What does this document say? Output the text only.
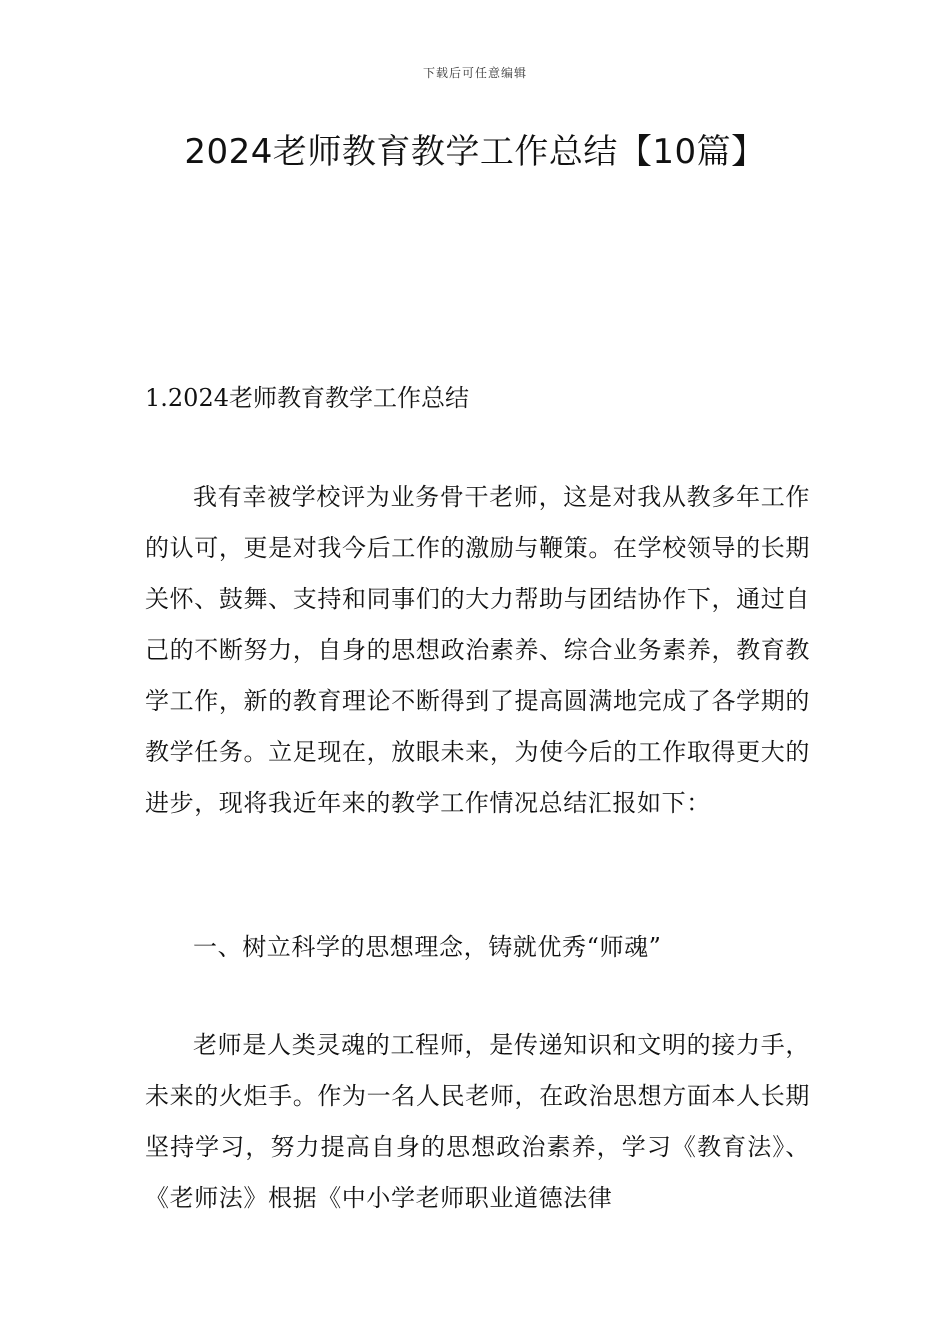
下载后可任意编辑
2024老师教育教学工作总结【10篇】

1.2024老师教育教学工作总结

我有幸被学校评为业务骨干老师，这是对我从教多年工作的认可，更是对我今后工作的激励与鞭策。在学校领导的长期关怀、鼓舞、支持和同事们的大力帮助与团结协作下，通过自己的不断努力，自身的思想政治素养、综合业务素养，教育教学工作，新的教育理论不断得到了提高圆满地完成了各学期的教学任务。立足现在，放眼未来，为使今后的工作取得更大的进步，现将我近年来的教学工作情况总结汇报如下：

一、树立科学的思想理念，铸就优秀“师魂”

老师是人类灵魂的工程师，是传递知识和文明的接力手，未来的火炬手。作为一名人民老师，在政治思想方面本人长期坚持学习，努力提高自身的思想政治素养，学习《教育法》、《老师法》根据《中小学老师职业道德法律
